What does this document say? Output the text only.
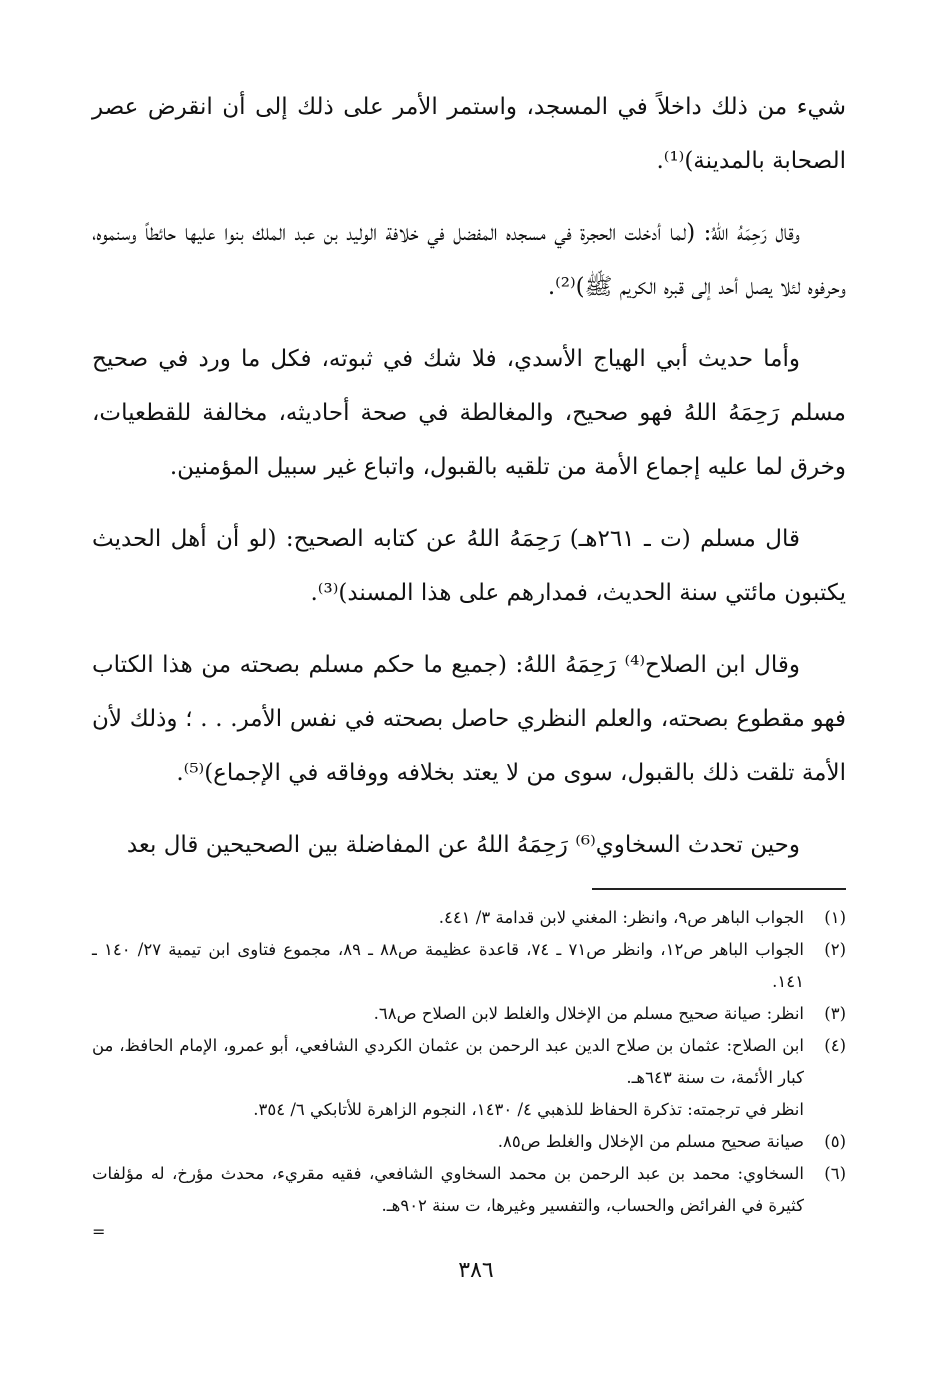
شيء من ذلك داخلاً في المسجد، واستمر الأمر على ذلك إلى أن انقرض عصر الصحابة بالمدينة)⁽¹⁾.

وقال رَحِمَهُ اللهُ: (لما أدخلت الحجرة في مسجده المفضل في خلافة الوليد بن عبد الملك بنوا عليها حائطاً وسنموه، وحرفوه لئلا يصل أحد إلى قبره الكريم ﷺ)⁽²⁾.

وأما حديث أبي الهياج الأسدي، فلا شك في ثبوته، فكل ما ورد في صحيح مسلم رَحِمَهُ اللهُ فهو صحيح، والمغالطة في صحة أحاديثه، مخالفة للقطعيات، وخرق لما عليه إجماع الأمة من تلقيه بالقبول، واتباع غير سبيل المؤمنين.

قال مسلم (ت ـ ٢٦١هـ) رَحِمَهُ اللهُ عن كتابه الصحيح: (لو أن أهل الحديث يكتبون مائتي سنة الحديث، فمدارهم على هذا المسند)⁽³⁾.

وقال ابن الصلاح⁽⁴⁾ رَحِمَهُ اللهُ: (جميع ما حكم مسلم بصحته من هذا الكتاب فهو مقطوع بصحته، والعلم النظري حاصل بصحته في نفس الأمر. . . ؛ وذلك لأن الأمة تلقت ذلك بالقبول، سوى من لا يعتد بخلافه ووفاقه في الإجماع)⁽⁵⁾.

وحين تحدث السخاوي⁽⁶⁾ رَحِمَهُ اللهُ عن المفاضلة بين الصحيحين قال بعد

(١)
الجواب الباهر ص٩، وانظر: المغني لابن قدامة ٣/ ٤٤١.
(٢)
الجواب الباهر ص١٢، وانظر ص٧١ ـ ٧٤، قاعدة عظيمة ص٨٨ ـ ٨٩، مجموع فتاوى ابن تيمية ٢٧/ ١٤٠ ـ ١٤١.
(٣)
انظر: صيانة صحيح مسلم من الإخلال والغلط لابن الصلاح ص٦٨.
(٤)
ابن الصلاح: عثمان بن صلاح الدين عبد الرحمن بن عثمان الكردي الشافعي، أبو عمرو، الإمام الحافظ، من كبار الأئمة، ت سنة ٦٤٣هـ.
انظر في ترجمته: تذكرة الحفاظ للذهبي ٤/ ١٤٣٠، النجوم الزاهرة للأتابكي ٦/ ٣٥٤.
(٥)
صيانة صحيح مسلم من الإخلال والغلط ص٨٥.
(٦)
السخاوي: محمد بن عبد الرحمن بن محمد السخاوي الشافعي، فقيه مقريء، محدث مؤرخ، له مؤلفات كثيرة في الفرائض والحساب، والتفسير وغيرها، ت سنة ٩٠٢هـ.
=
٣٨٦
